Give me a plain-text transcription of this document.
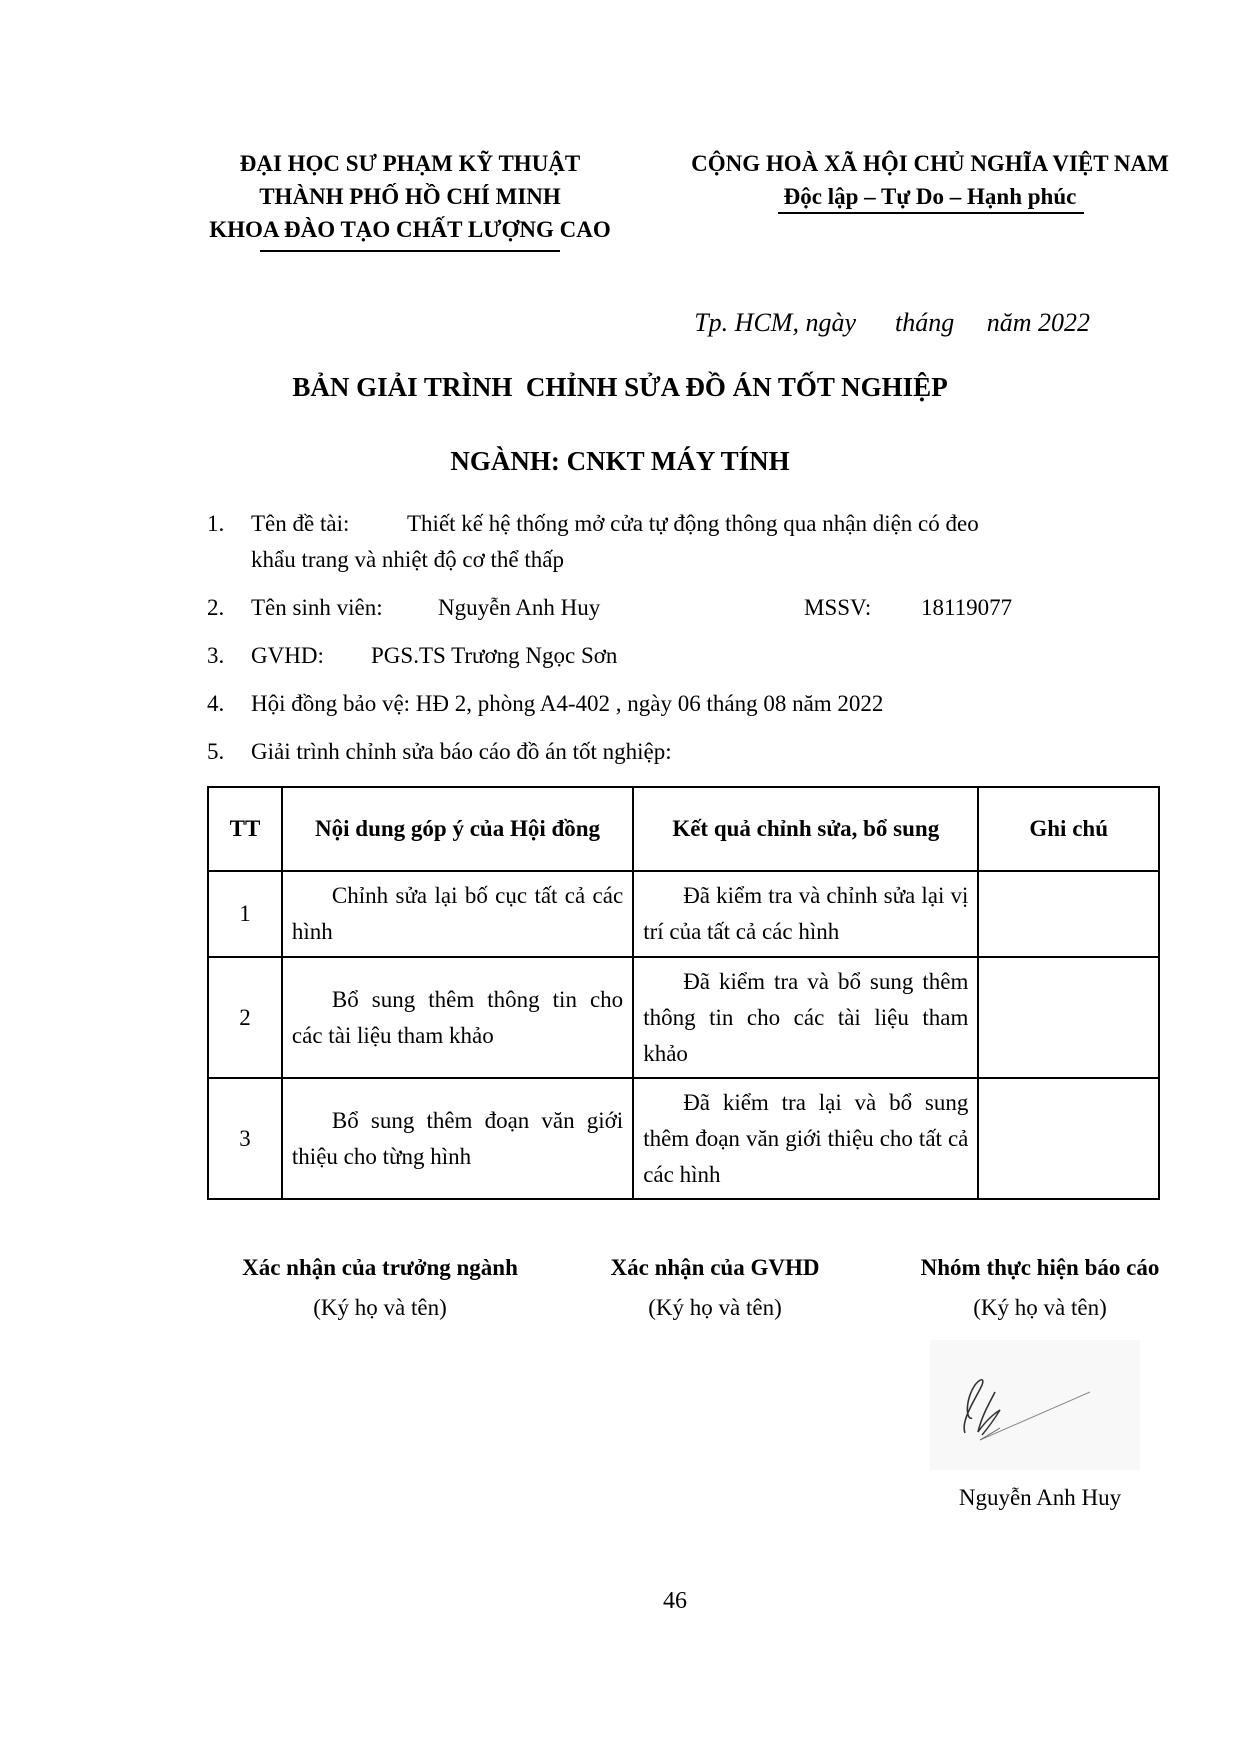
ĐẠI HỌC SƯ PHẠM KỸ THUẬT
THÀNH PHỐ HỒ CHÍ MINH
KHOA ĐÀO TẠO CHẤT LƯỢNG CAO
CỘNG HOÀ XÃ HỘI CHỦ NGHĨA VIỆT NAM
Độc lập – Tự Do – Hạnh phúc
Tp. HCM, ngày      tháng     năm 2022
BẢN GIẢI TRÌNH  CHỈNH SỬA ĐỒ ÁN TỐT NGHIỆP
NGÀNH: CNKT MÁY TÍNH
1. Tên đề tài:	Thiết kế hệ thống mở cửa tự động thông qua nhận diện có đeo
khẩu trang và nhiệt độ cơ thể thấp
2. Tên sinh viên: Nguyễn Anh Huy	MSSV: 18119077
3. GVHD: PGS.TS Trương Ngọc Sơn
4. Hội đồng bảo vệ: HĐ 2, phòng A4-402 , ngày 06 tháng 08 năm 2022
5. Giải trình chỉnh sửa báo cáo đồ án tốt nghiệp:
TT	Nội dung góp ý của Hội đồng	Kết quả chỉnh sửa, bổ sung	Ghi chú
1	Chỉnh sửa lại bố cục tất cả các hình	Đã kiểm tra và chỉnh sửa lại vị trí của tất cả các hình	
2	Bổ sung thêm thông tin cho các tài liệu tham khảo	Đã kiểm tra và bổ sung thêm thông tin cho các tài liệu tham khảo	
3	Bổ sung thêm đoạn văn giới thiệu cho từng hình	Đã kiểm tra lại và bổ sung thêm đoạn văn giới thiệu cho tất cả các hình	
Xác nhận của trưởng ngành
(Ký họ và tên)
Xác nhận của GVHD
(Ký họ và tên)
Nhóm thực hiện báo cáo
(Ký họ và tên)
Nguyễn Anh Huy
46
